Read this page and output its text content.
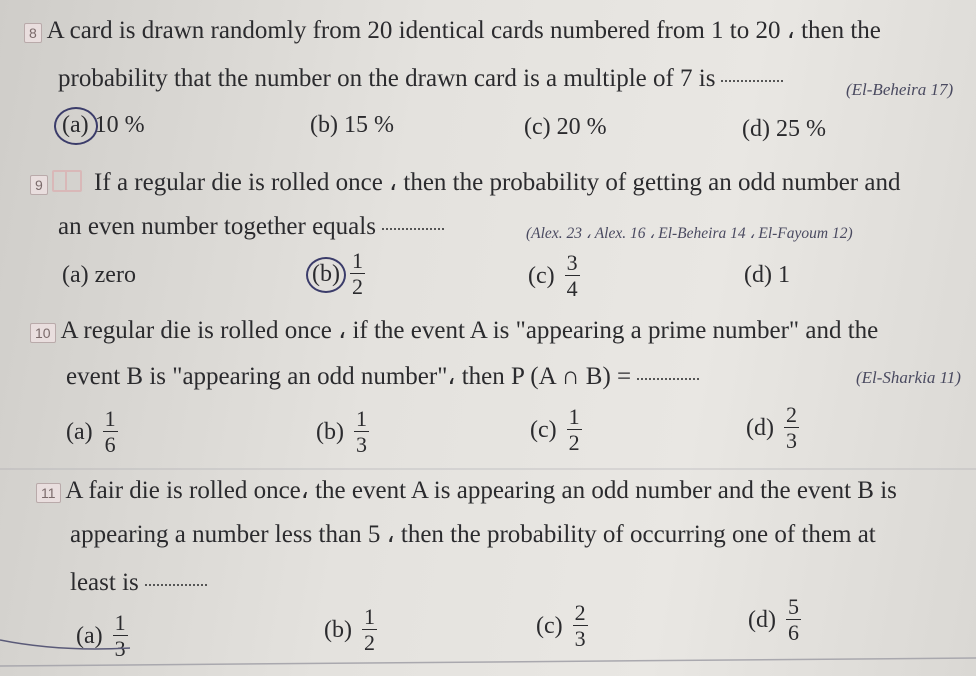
8 A card is drawn randomly from 20 identical cards numbered from 1 to 20 ، then the
probability that the number on the drawn card is a multiple of 7 is	(El-Beheira 17)
(a)
10 %	(b)
15 %	(c)
20 %	(d)
25 %
9 If a regular die is rolled once ، then the probability of getting an odd number and
an even number together equals	(Alex. 23 ، Alex. 16 ، El-Beheira 14 ، El-Fayoum 12)
(a)
zero	$(b) \frac{1}{2}$	$(c) \frac{3}{4}$	(d)
1
10 A regular die is rolled once ، if the event A is "appearing a prime number" and the
event B is "appearing an odd number"، then P (A ∩ B) =	(El-Sharkia 11)
$(a) \frac{1}{6}$	$(b) \frac{1}{3}$	$(c) \frac{1}{2}$	$(d) \frac{2}{3}$
11 A fair die is rolled once، the event A is appearing an odd number and the event B is
appearing a number less than 5 ، then the probability of occurring one of them at
least is
$(a) \frac{1}{3}$	$(b) \frac{1}{2}$	$(c) \frac{2}{3}$	$(d) \frac{5}{6}$
